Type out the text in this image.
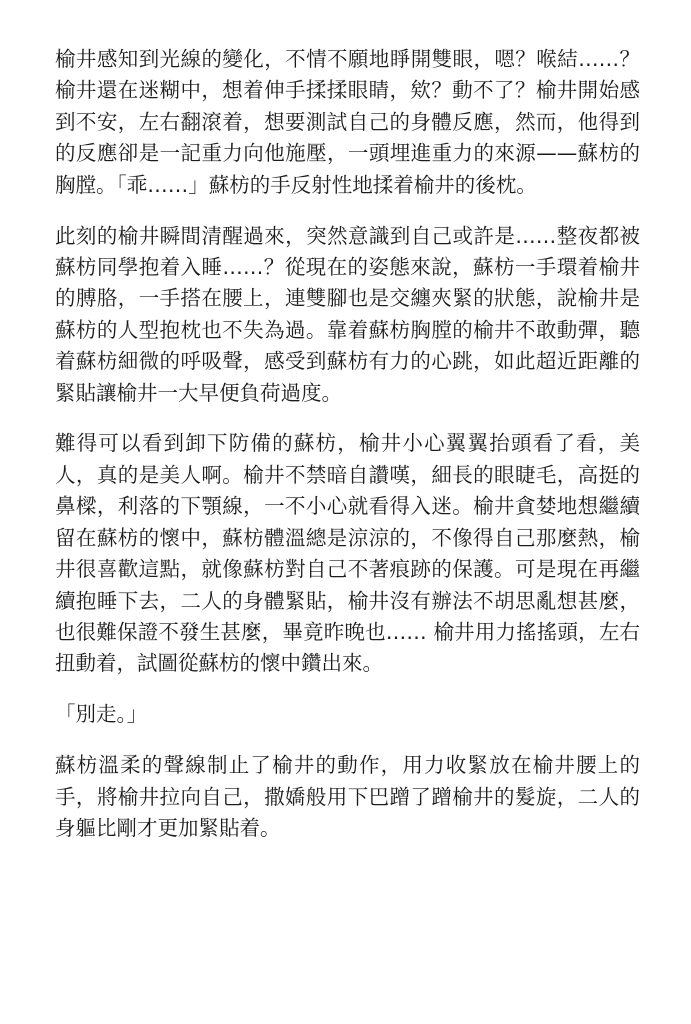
榆井感知到光線的變化，不情不願地睜開雙眼，嗯？喉結……？榆井還在迷糊中，想着伸手揉揉眼睛，欸？動不了？榆井開始感到不安，左右翻滾着，想要測試自己的身體反應，然而，他得到的反應卻是一記重力向他施壓，一頭埋進重力的來源——蘇枋的胸膛。「乖……」蘇枋的手反射性地揉着榆井的後枕。

此刻的榆井瞬間清醒過來，突然意識到自己或許是……整夜都被蘇枋同學抱着入睡……？從現在的姿態來說，蘇枋一手環着榆井的膊胳，一手搭在腰上，連雙腳也是交纏夾緊的狀態，說榆井是蘇枋的人型抱枕也不失為過。靠着蘇枋胸膛的榆井不敢動彈，聽着蘇枋細微的呼吸聲，感受到蘇枋有力的心跳，如此超近距離的緊貼讓榆井一大早便負荷過度。

難得可以看到卸下防備的蘇枋，榆井小心翼翼抬頭看了看，美人，真的是美人啊。榆井不禁暗自讚嘆，細長的眼睫毛，高挺的鼻樑，利落的下顎線，一不小心就看得入迷。榆井貪婪地想繼續留在蘇枋的懷中，蘇枋體溫總是涼涼的，不像得自己那麼熱，榆井很喜歡這點，就像蘇枋對自己不著痕跡的保護。可是現在再繼續抱睡下去，二人的身體緊貼，榆井沒有辦法不胡思亂想甚麼，也很難保證不發生甚麼，畢竟昨晚也…… 榆井用力搖搖頭，左右扭動着，試圖從蘇枋的懷中鑽出來。

「別走。」

蘇枋溫柔的聲線制止了榆井的動作，用力收緊放在榆井腰上的手，將榆井拉向自己，撒嬌般用下巴蹭了蹭榆井的髮旋，二人的身軀比剛才更加緊貼着。
